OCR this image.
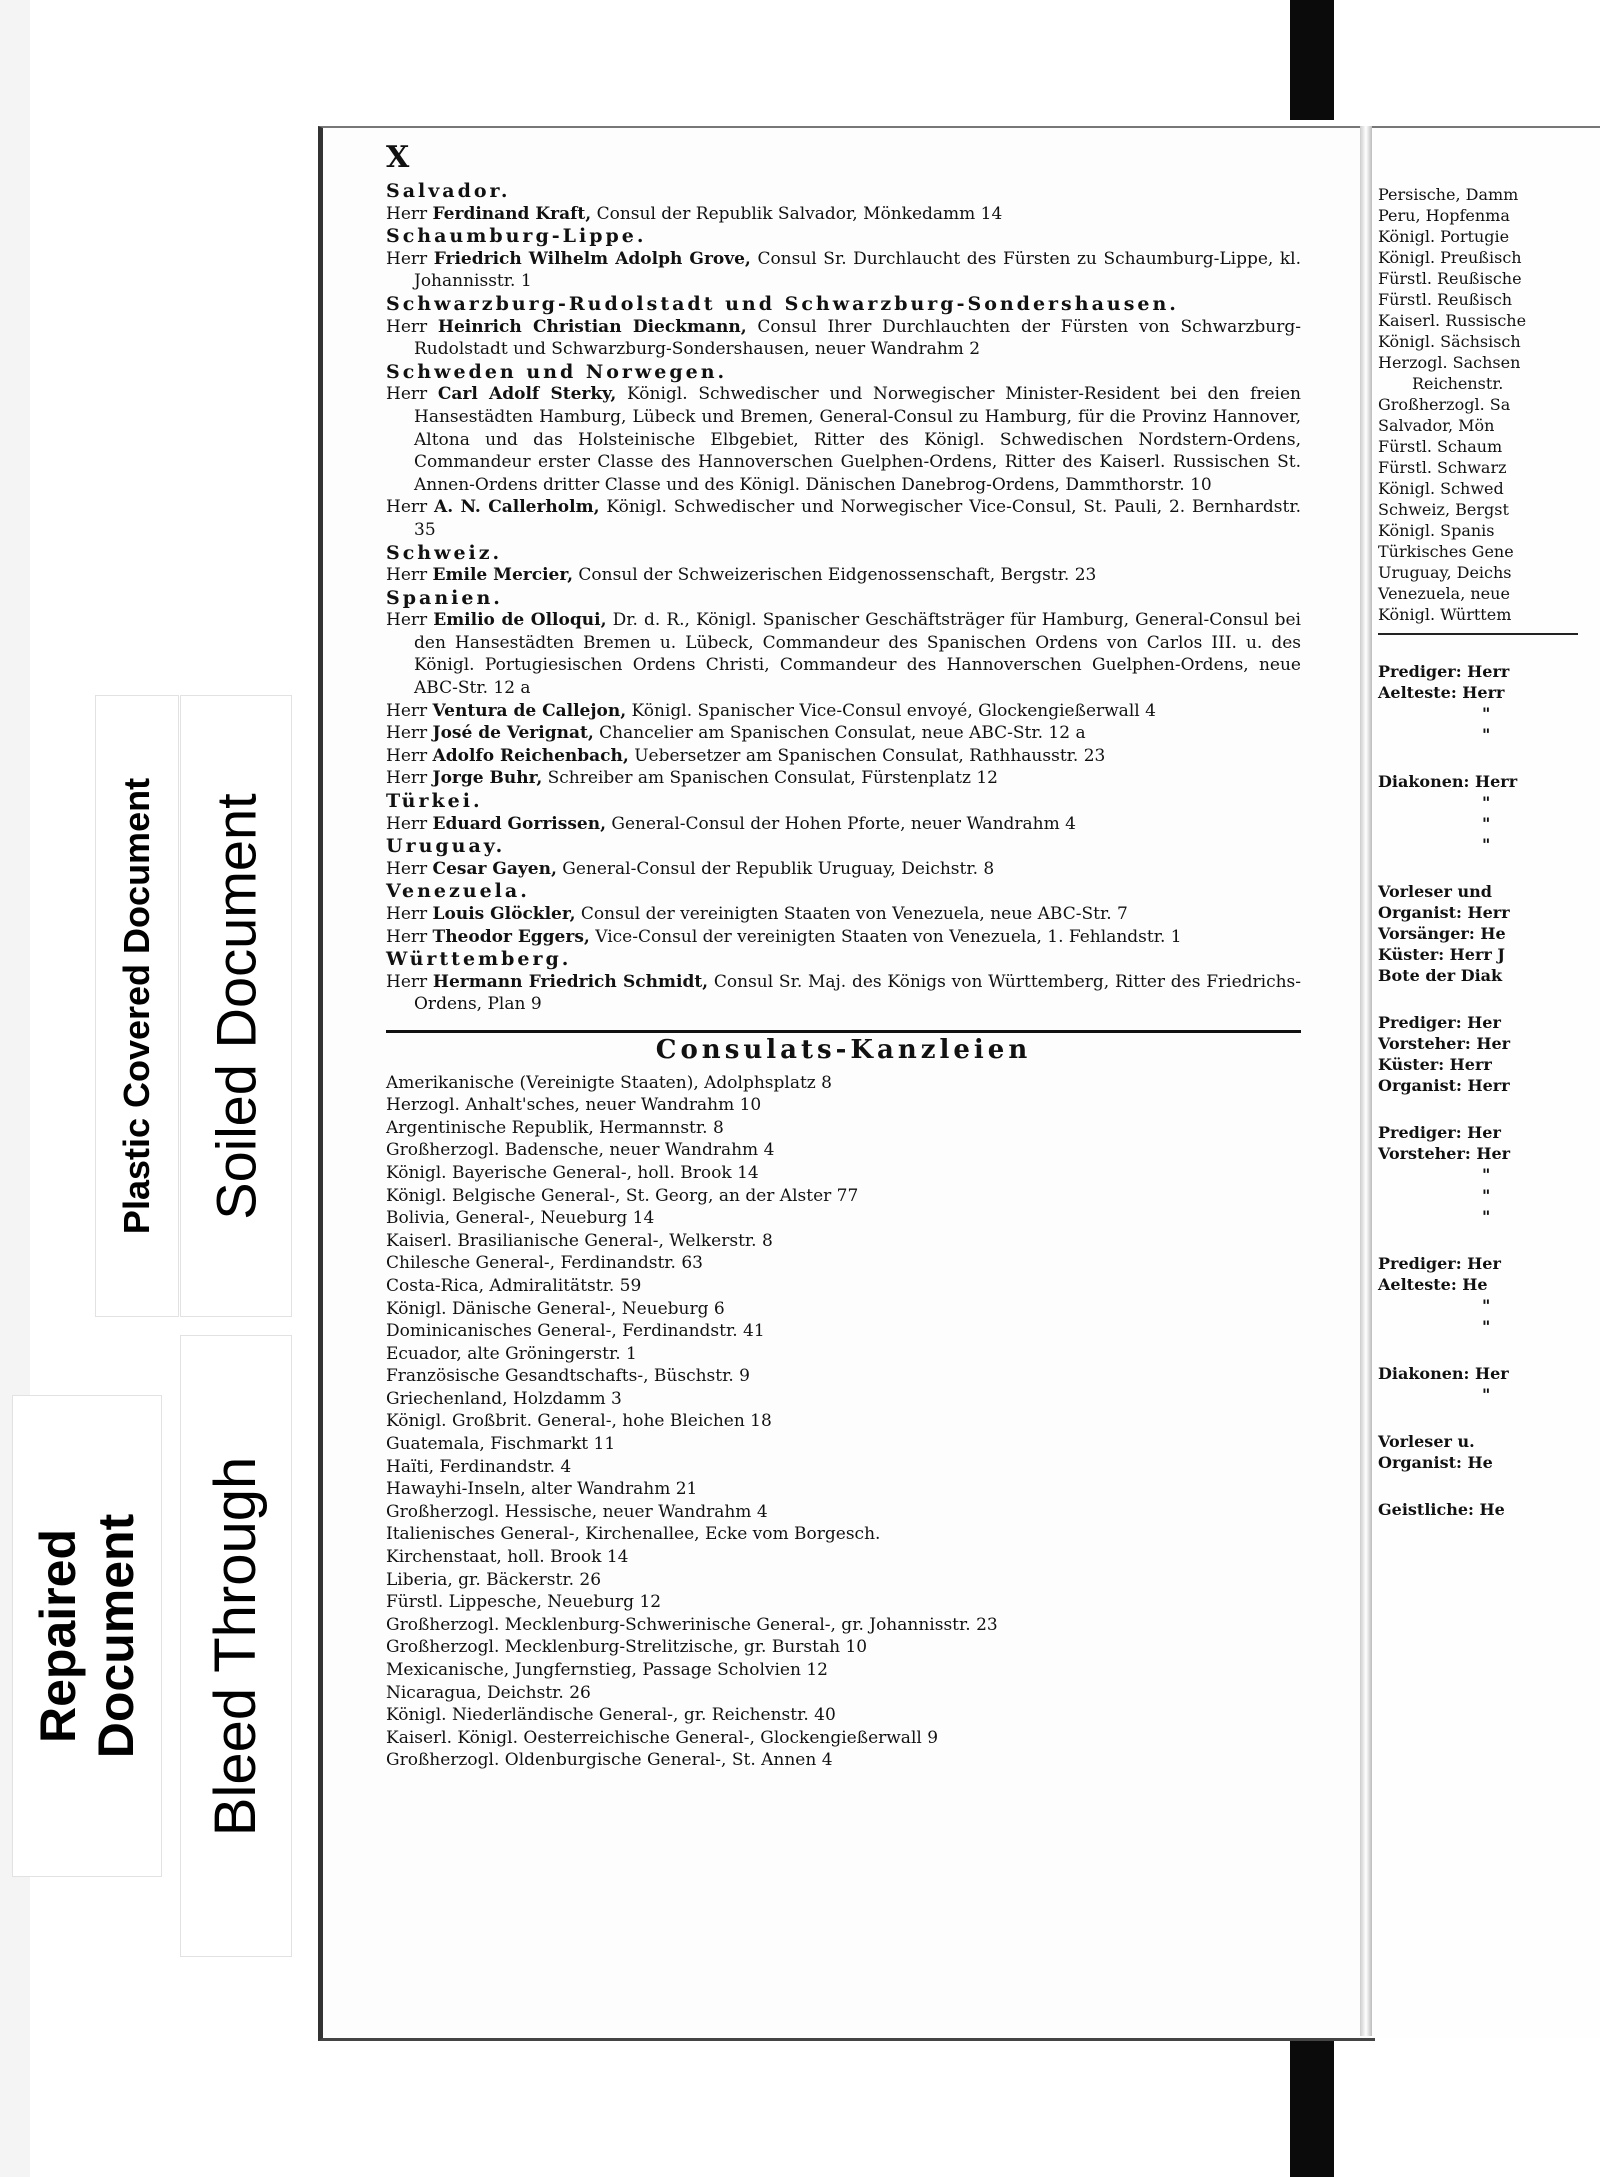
Persische, Damm
Peru, Hopfenma
Königl. Portugie
Königl. Preußisch
Fürstl. Reußische
Fürstl. Reußisch
Kaiserl. Russische
Königl. Sächsisch
Herzogl. Sachsen
Reichenstr.
Großherzogl. Sa
Salvador, Mön
Fürstl. Schaum
Fürstl. Schwarz
Königl. Schwed
Schweiz, Bergst
Königl. Spanis
Türkisches Gene
Uruguay, Deichs
Venezuela, neue
Königl. Württem
Prediger: Herr
Aelteste: Herr
"
"
Diakonen: Herr
"
"
"
Vorleser und
Organist: Herr
Vorsänger: He
Küster: Herr J
Bote der Diak
Prediger: Her
Vorsteher: Her
Küster: Herr
Organist: Herr
Prediger: Her
Vorsteher: Her
"
"
"
Prediger: Her
Aelteste: He
"
"
Diakonen: Her
"
Vorleser u.
Organist: He
Geistliche: He
X

Salvador.

Herr Ferdinand Kraft, Consul der Republik Salvador, Mönkedamm 14

Schaumburg-Lippe.

Herr Friedrich Wilhelm Adolph Grove, Consul Sr. Durchlaucht des Fürsten zu Schaumburg-Lippe, kl. Johannisstr. 1

Schwarzburg-Rudolstadt und Schwarzburg-Sondershausen.

Herr Heinrich Christian Dieckmann, Consul Ihrer Durchlauchten der Fürsten von Schwarzburg-Rudolstadt und Schwarzburg-Sondershausen, neuer Wandrahm 2

Schweden und Norwegen.

Herr Carl Adolf Sterky, Königl. Schwedischer und Norwegischer Minister-Resident bei den freien Hansestädten Hamburg, Lübeck und Bremen, General-Consul zu Hamburg, für die Provinz Hannover, Altona und das Holsteinische Elbgebiet, Ritter des Königl. Schwedischen Nordstern-Ordens, Commandeur erster Classe des Hannoverschen Guelphen-Ordens, Ritter des Kaiserl. Russischen St. Annen-Ordens dritter Classe und des Königl. Dänischen Danebrog-Ordens, Dammthorstr. 10

Herr A. N. Callerholm, Königl. Schwedischer und Norwegischer Vice-Consul, St. Pauli, 2. Bernhardstr. 35

Schweiz.

Herr Emile Mercier, Consul der Schweizerischen Eidgenossenschaft, Bergstr. 23

Spanien.

Herr Emilio de Olloqui, Dr. d. R., Königl. Spanischer Geschäftsträger für Hamburg, General-Consul bei den Hansestädten Bremen u. Lübeck, Commandeur des Spanischen Ordens von Carlos III. u. des Königl. Portugiesischen Ordens Christi, Commandeur des Hannoverschen Guelphen-Ordens, neue ABC-Str. 12 a

Herr Ventura de Callejon, Königl. Spanischer Vice-Consul envoyé, Glockengießerwall 4

Herr José de Verignat, Chancelier am Spanischen Consulat, neue ABC-Str. 12 a

Herr Adolfo Reichenbach, Uebersetzer am Spanischen Consulat, Rathhausstr. 23

Herr Jorge Buhr, Schreiber am Spanischen Consulat, Fürstenplatz 12

Türkei.

Herr Eduard Gorrissen, General-Consul der Hohen Pforte, neuer Wandrahm 4

Uruguay.

Herr Cesar Gayen, General-Consul der Republik Uruguay, Deichstr. 8

Venezuela.

Herr Louis Glöckler, Consul der vereinigten Staaten von Venezuela, neue ABC-Str. 7

Herr Theodor Eggers, Vice-Consul der vereinigten Staaten von Venezuela, 1. Fehlandstr. 1

Württemberg.

Herr Hermann Friedrich Schmidt, Consul Sr. Maj. des Königs von Württemberg, Ritter des Friedrichs-Ordens, Plan 9

Consulats-Kanzleien

Amerikanische (Vereinigte Staaten), Adolphsplatz 8

Herzogl. Anhalt'sches, neuer Wandrahm 10

Argentinische Republik, Hermannstr. 8

Großherzogl. Badensche, neuer Wandrahm 4

Königl. Bayerische General-, holl. Brook 14

Königl. Belgische General-, St. Georg, an der Alster 77

Bolivia, General-, Neueburg 14

Kaiserl. Brasilianische General-, Welkerstr. 8

Chilesche General-, Ferdinandstr. 63

Costa-Rica, Admiralitätstr. 59

Königl. Dänische General-, Neueburg 6

Dominicanisches General-, Ferdinandstr. 41

Ecuador, alte Gröningerstr. 1

Französische Gesandtschafts-, Büschstr. 9

Griechenland, Holzdamm 3

Königl. Großbrit. General-, hohe Bleichen 18

Guatemala, Fischmarkt 11

Haïti, Ferdinandstr. 4

Hawayhi-Inseln, alter Wandrahm 21

Großherzogl. Hessische, neuer Wandrahm 4

Italienisches General-, Kirchenallee, Ecke vom Borgesch.

Kirchenstaat, holl. Brook 14

Liberia, gr. Bäckerstr. 26

Fürstl. Lippesche, Neueburg 12

Großherzogl. Mecklenburg-Schwerinische General-, gr. Johannisstr. 23

Großherzogl. Mecklenburg-Strelitzische, gr. Burstah 10

Mexicanische, Jungfernstieg, Passage Scholvien 12

Nicaragua, Deichstr. 26

Königl. Niederländische General-, gr. Reichenstr. 40

Kaiserl. Königl. Oesterreichische General-, Glockengießerwall 9

Großherzogl. Oldenburgische General-, St. Annen 4

Plastic Covered Document Soiled Document
Repaired Document Bleed Through
